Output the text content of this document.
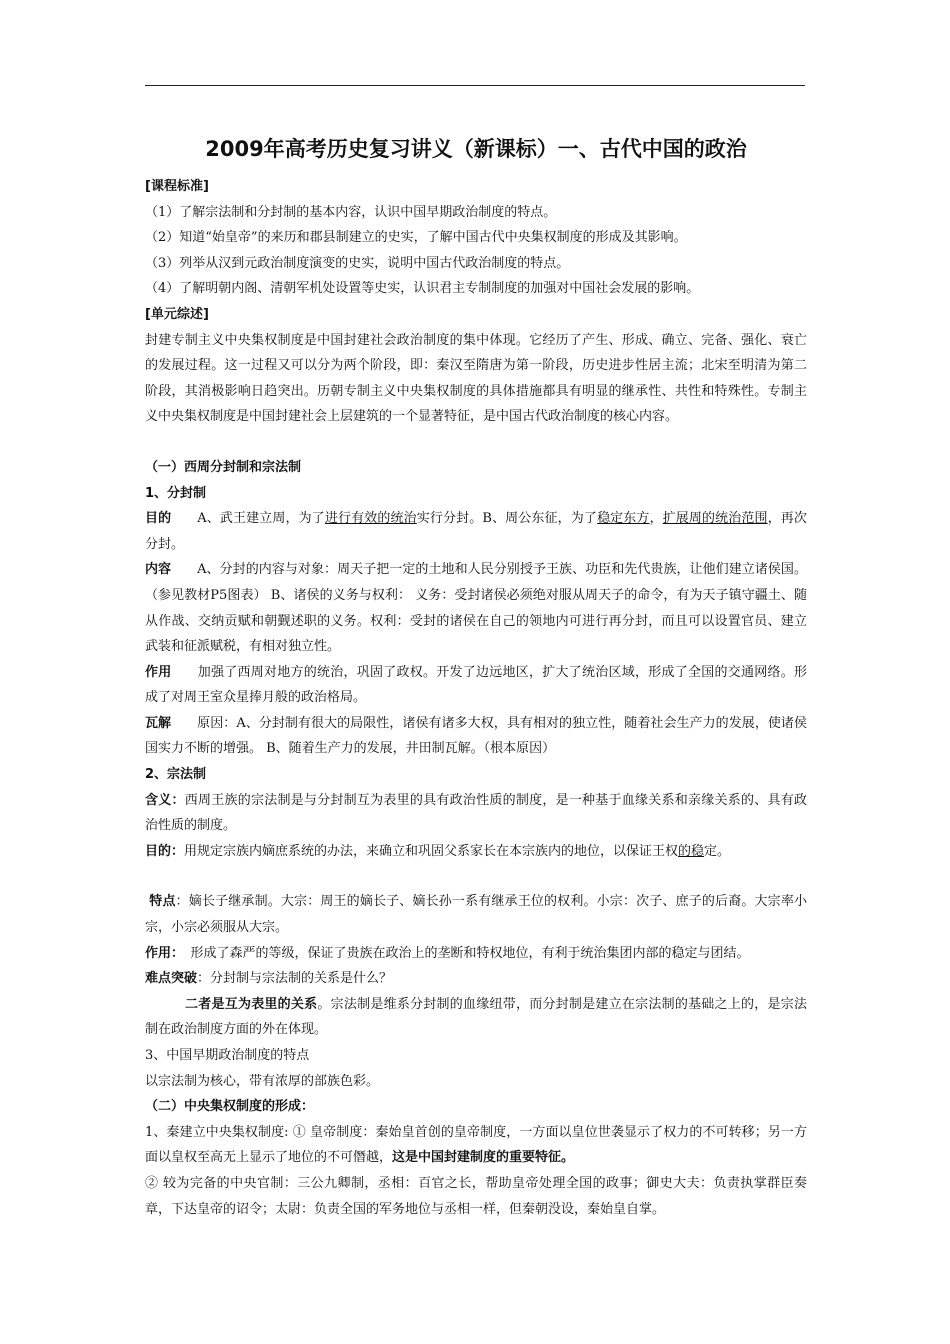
2009年高考历史复习讲义（新课标）一、古代中国的政治

[课程标准]

（1）了解宗法制和分封制的基本内容，认识中国早期政治制度的特点。

（2）知道“始皇帝”的来历和郡县制建立的史实，了解中国古代中央集权制度的形成及其影响。

（3）列举从汉到元政治制度演变的史实，说明中国古代政治制度的特点。

（4）了解明朝内阁、清朝军机处设置等史实，认识君主专制制度的加强对中国社会发展的影响。

[单元综述]

封建专制主义中央集权制度是中国封建社会政治制度的集中体现。它经历了产生、形成、确立、完备、强化、衰亡的发展过程。这一过程又可以分为两个阶段，即：秦汉至隋唐为第一阶段，历史进步性居主流；北宋至明清为第二阶段，其消极影响日趋突出。历朝专制主义中央集权制度的具体措施都具有明显的继承性、共性和特殊性。专制主义中央集权制度是中国封建社会上层建筑的一个显著特征，是中国古代政治制度的核心内容。

（一）西周分封制和宗法制

1、分封制

目的   A、武王建立周，为了进行有效的统治实行分封。B、周公东征，为了稳定东方，扩展周的统治范围，再次分封。

内容   A、分封的内容与对象：周天子把一定的土地和人民分别授予王族、功臣和先代贵族，让他们建立诸侯国。（参见教材P5图表） B、诸侯的义务与权利： 义务：受封诸侯必须绝对服从周天子的命令，有为天子镇守疆土、随从作战、交纳贡赋和朝觐述职的义务。权利：受封的诸侯在自己的领地内可进行再分封，而且可以设置官员、建立武装和征派赋税，有相对独立性。

作用   加强了西周对地方的统治，巩固了政权。开发了边远地区，扩大了统治区域，形成了全国的交通网络。形成了对周王室众星捧月般的政治格局。

瓦解   原因：A、分封制有很大的局限性，诸侯有诸多大权，具有相对的独立性，随着社会生产力的发展，使诸侯国实力不断的增强。 B、随着生产力的发展，井田制瓦解。（根本原因）

2、宗法制

含义：西周王族的宗法制是与分封制互为表里的具有政治性质的制度，是一种基于血缘关系和亲缘关系的、具有政治性质的制度。

目的：用规定宗族内嫡庶系统的办法，来确立和巩固父系家长在本宗族内的地位，以保证王权的稳定。

特点：嫡长子继承制。大宗：周王的嫡长子、嫡长孙一系有继承王位的权利。小宗：次子、庶子的后裔。大宗率小宗，小宗必须服从大宗。

作用：  形成了森严的等级，保证了贵族在政治上的垄断和特权地位，有利于统治集团内部的稳定与团结。

难点突破：分封制与宗法制的关系是什么？

二者是互为表里的关系。宗法制是维系分封制的血缘纽带，而分封制是建立在宗法制的基础之上的，是宗法制在政治制度方面的外在体现。

3、中国早期政治制度的特点

以宗法制为核心，带有浓厚的部族色彩。

（二）中央集权制度的形成：

1、秦建立中央集权制度: ① 皇帝制度：秦始皇首创的皇帝制度，一方面以皇位世袭显示了权力的不可转移；另一方面以皇权至高无上显示了地位的不可僭越，这是中国封建制度的重要特征。

② 较为完备的中央官制：三公九卿制，丞相：百官之长，帮助皇帝处理全国的政事；御史大夫：负责执掌群臣奏章，下达皇帝的诏令；太尉：负责全国的军务地位与丞相一样，但秦朝没设，秦始皇自掌。
